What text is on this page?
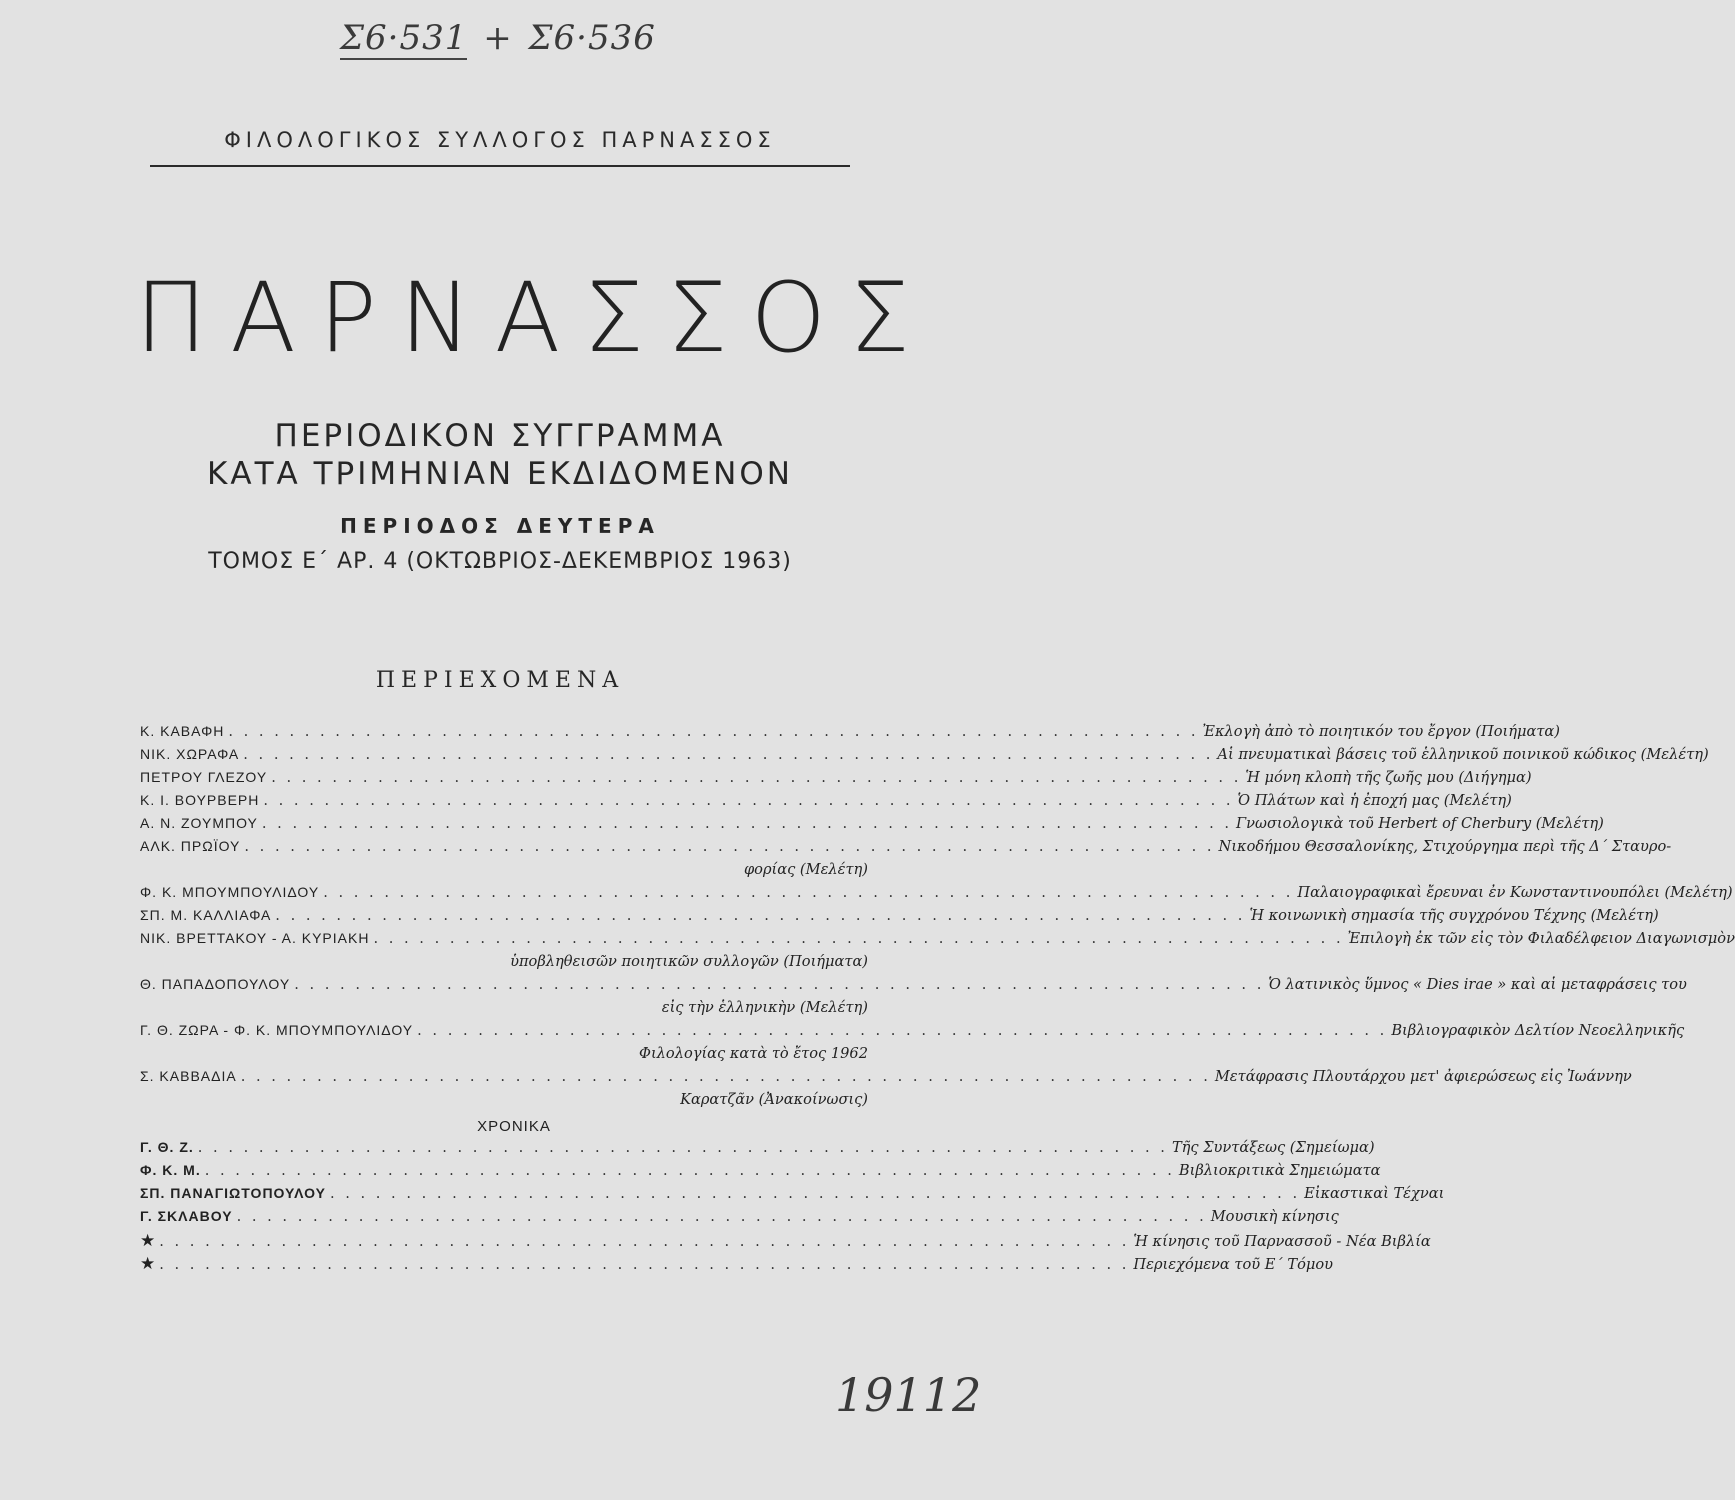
Σ6·531 + Σ6·536
ΦΙΛΟΛΟΓΙΚΟΣ ΣΥΛΛΟΓΟΣ ΠΑΡΝΑΣΣΟΣ
ΠΑΡΝΑΣΣΟΣ
ΠΕΡΙΟΔΙΚΟΝ ΣΥΓΓΡΑΜΜΑ
ΚΑΤΑ ΤΡΙΜΗΝΙΑΝ ΕΚΔΙΔΟΜΕΝΟΝ
ΠΕΡΙΟΔΟΣ ΔΕΥΤΕΡΑ
ΤΟΜΟΣ Ε΄ ΑΡ. 4 (ΟΚΤΩΒΡΙΟΣ-ΔΕΚΕΜΒΡΙΟΣ 1963)
ΠΕΡΙΕΧΟΜΕΝΑ
Κ. ΚΑΒΑΦΗ . . . . . . . . . . . . . . . . . . . . . . . . . . . . . . . . . . . . . . . . . . . . . . . . . . . . . . . . . . . . . . . . Ἐκλογὴ ἀπὸ τὸ ποιητικόν του ἔργον (Ποιήματα)
ΝΙΚ. ΧΩΡΑΦΑ . . . . . . . . . . . . . . . . . . . . . . . . . . . . . . . . . . . . . . . . . . . . . . . . . . . . . . . . . . . . . . . . Αἱ πνευματικαὶ βάσεις τοῦ ἑλληνικοῦ ποινικοῦ κώδικος (Μελέτη)
ΠΕΤΡΟΥ ΓΛΕΖΟΥ . . . . . . . . . . . . . . . . . . . . . . . . . . . . . . . . . . . . . . . . . . . . . . . . . . . . . . . . . . . . . . . . Ἡ μόνη κλοπὴ τῆς ζωῆς μου (Διήγημα)
Κ. Ι. ΒΟΥΡΒΕΡΗ . . . . . . . . . . . . . . . . . . . . . . . . . . . . . . . . . . . . . . . . . . . . . . . . . . . . . . . . . . . . . . . . Ὁ Πλάτων καὶ ἡ ἐποχή μας (Μελέτη)
Α. Ν. ΖΟΥΜΠΟΥ . . . . . . . . . . . . . . . . . . . . . . . . . . . . . . . . . . . . . . . . . . . . . . . . . . . . . . . . . . . . . . . . Γνωσιολογικὰ τοῦ Herbert of Cherbury (Μελέτη)
ΑΛΚ. ΠΡΩΪΟΥ . . . . . . . . . . . . . . . . . . . . . . . . . . . . . . . . . . . . . . . . . . . . . . . . . . . . . . . . . . . . . . . . Νικοδήμου Θεσσαλονίκης, Στιχούργημα περὶ τῆς Δ΄ Σταυρο-
φορίας (Μελέτη)
Φ. Κ. ΜΠΟΥΜΠΟΥΛΙΔΟΥ . . . . . . . . . . . . . . . . . . . . . . . . . . . . . . . . . . . . . . . . . . . . . . . . . . . . . . . . . . . . . . . . Παλαιογραφικαὶ ἔρευναι ἐν Κωνσταντινουπόλει (Μελέτη)
ΣΠ. Μ. ΚΑΛΛΙΑΦΑ . . . . . . . . . . . . . . . . . . . . . . . . . . . . . . . . . . . . . . . . . . . . . . . . . . . . . . . . . . . . . . . . Ἡ κοινωνικὴ σημασία τῆς συγχρόνου Τέχνης (Μελέτη)
ΝΙΚ. ΒΡΕΤΤΑΚΟΥ - Α. ΚΥΡΙΑΚΗ . . . . . . . . . . . . . . . . . . . . . . . . . . . . . . . . . . . . . . . . . . . . . . . . . . . . . . . . . . . . . . . . Ἐπιλογὴ ἐκ τῶν εἰς τὸν Φιλαδέλφειον Διαγωνισμὸν
ὑποβληθεισῶν ποιητικῶν συλλογῶν (Ποιήματα)
Θ. ΠΑΠΑΔΟΠΟΥΛΟΥ . . . . . . . . . . . . . . . . . . . . . . . . . . . . . . . . . . . . . . . . . . . . . . . . . . . . . . . . . . . . . . . . Ὁ λατινικὸς ὕμνος « Dies irae » καὶ αἱ μεταφράσεις του
εἰς τὴν ἑλληνικὴν (Μελέτη)
Γ. Θ. ΖΩΡΑ - Φ. Κ. ΜΠΟΥΜΠΟΥΛΙΔΟΥ . . . . . . . . . . . . . . . . . . . . . . . . . . . . . . . . . . . . . . . . . . . . . . . . . . . . . . . . . . . . . . . . Βιβλιογραφικὸν Δελτίον Νεοελληνικῆς
Φιλολογίας κατὰ τὸ ἔτος 1962
Σ. ΚΑΒΒΑΔΙΑ . . . . . . . . . . . . . . . . . . . . . . . . . . . . . . . . . . . . . . . . . . . . . . . . . . . . . . . . . . . . . . . . Μετάφρασις Πλουτάρχου μετ' ἀφιερώσεως εἰς Ἰωάννην
Καρατζᾶν (Ἀνακοίνωσις)
ΧΡΟΝΙΚΑ
Γ. Θ. Ζ. . . . . . . . . . . . . . . . . . . . . . . . . . . . . . . . . . . . . . . . . . . . . . . . . . . . . . . . . . . . . . . . . Τῆς Συντάξεως (Σημείωμα)
Φ. Κ. Μ. . . . . . . . . . . . . . . . . . . . . . . . . . . . . . . . . . . . . . . . . . . . . . . . . . . . . . . . . . . . . . . . . Βιβλιοκριτικὰ Σημειώματα
ΣΠ. ΠΑΝΑΓΙΩΤΟΠΟΥΛΟΥ . . . . . . . . . . . . . . . . . . . . . . . . . . . . . . . . . . . . . . . . . . . . . . . . . . . . . . . . . . . . . . . . Εἰκαστικαὶ Τέχναι
Γ. ΣΚΛΑΒΟΥ . . . . . . . . . . . . . . . . . . . . . . . . . . . . . . . . . . . . . . . . . . . . . . . . . . . . . . . . . . . . . . . . Μουσικὴ κίνησις
★ . . . . . . . . . . . . . . . . . . . . . . . . . . . . . . . . . . . . . . . . . . . . . . . . . . . . . . . . . . . . . . . . Ἡ κίνησις τοῦ Παρνασσοῦ - Νέα Βιβλία
★ . . . . . . . . . . . . . . . . . . . . . . . . . . . . . . . . . . . . . . . . . . . . . . . . . . . . . . . . . . . . . . . . Περιεχόμενα τοῦ Ε΄ Τόμου
19112
